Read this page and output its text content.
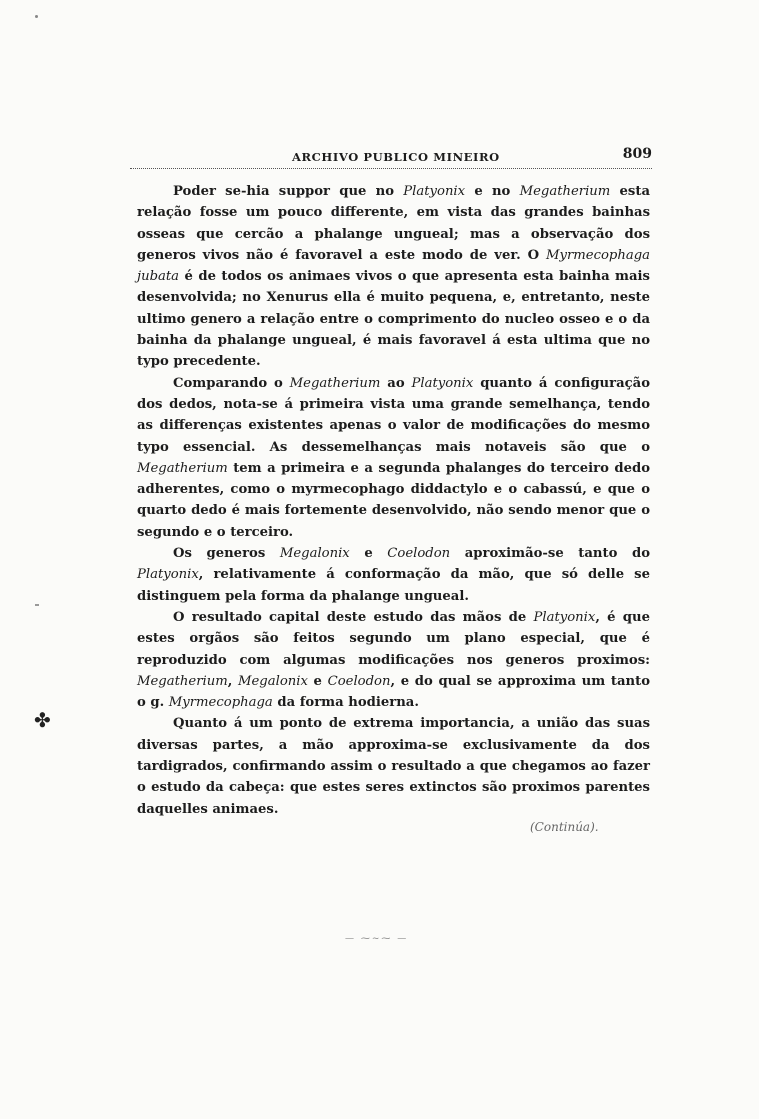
✤
ARCHIVO PUBLICO MINEIRO	809

Poder se-hia suppor que no Platyonix e no Megatherium esta relação fosse um pouco differente, em vista das grandes bainhas osseas que cercão a phalange ungueal; mas a observação dos generos vivos não é favoravel a este modo de ver. O Myrmecophaga jubata é de todos os animaes vivos o que apresenta esta bainha mais desenvolvida; no Xenurus ella é muito pequena, e, entretanto, neste ultimo genero a relação entre o comprimento do nucleo osseo e o da bainha da phalange ungueal, é mais favoravel á esta ultima que no typo precedente.

Comparando o Megatherium ao Platyonix quanto á configuração dos dedos, nota-se á primeira vista uma grande semelhança, tendo as differenças existentes apenas o valor de modificações do mesmo typo essencial. As dessemelhanças mais notaveis são que o Megatherium tem a primeira e a segunda phalanges do terceiro dedo adherentes, como o myrmecophago diddactylo e o cabassú, e que o quarto dedo é mais fortemente desenvolvido, não sendo menor que o segundo e o terceiro.

Os generos Megalonix e Coelodon aproximão-se tanto do Platyonix, relativamente á conformação da mão, que só delle se distinguem pela forma da phalange ungueal.

O resultado capital deste estudo das mãos de Platyonix, é que estes orgãos são feitos segundo um plano especial, que é reproduzido com algumas modificações nos generos proximos: Megatherium, Megalonix e Coelodon, e do qual se approxima um tanto o g. Myrmecophaga da forma hodierna.

Quanto á um ponto de extrema importancia, a união das suas diversas partes, a mão approxima-se exclusivamente da dos tardigrados, confirmando assim o resultado a que chegamos ao fazer o estudo da cabeça: que estes seres extinctos são proximos parentes daquelles animaes.

(Continúa).
— ⁓~⁓ —
